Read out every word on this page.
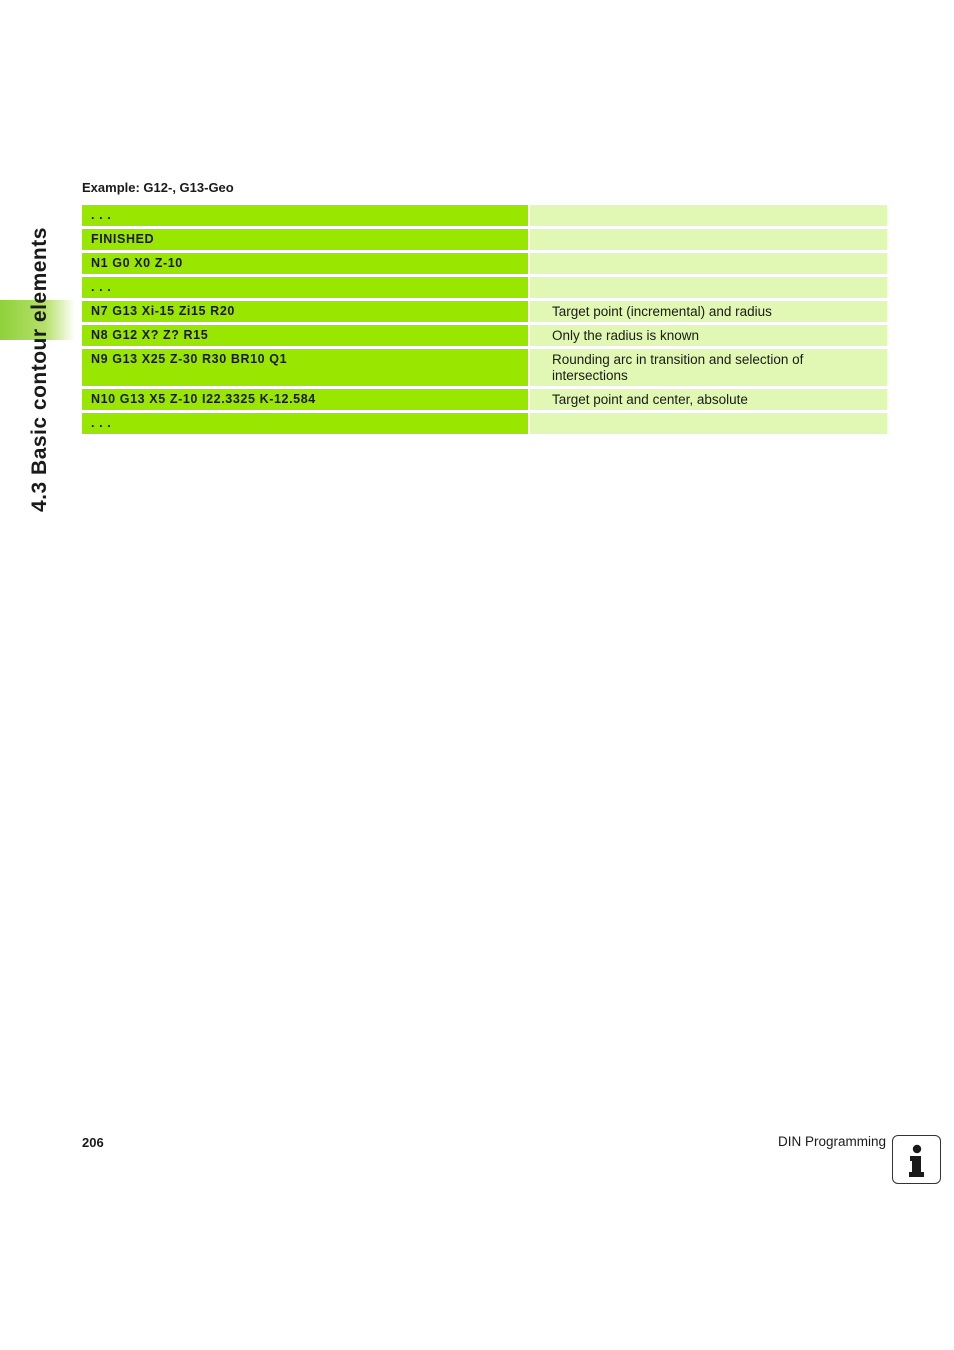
4.3 Basic contour elements
Example: G12-, G13-Geo
. . .
FINISHED
N1 G0 X0 Z-10
. . .
N7 G13 Xi-15 Zi15 R20	Target point (incremental) and radius
N8 G12 X? Z? R15	Only the radius is known
N9 G13 X25 Z-30 R30 BR10 Q1	Rounding arc in transition and selection of intersections
N10 G13 X5 Z-10 I22.3325 K-12.584	Target point and center, absolute
. . .
206	DIN Programming
